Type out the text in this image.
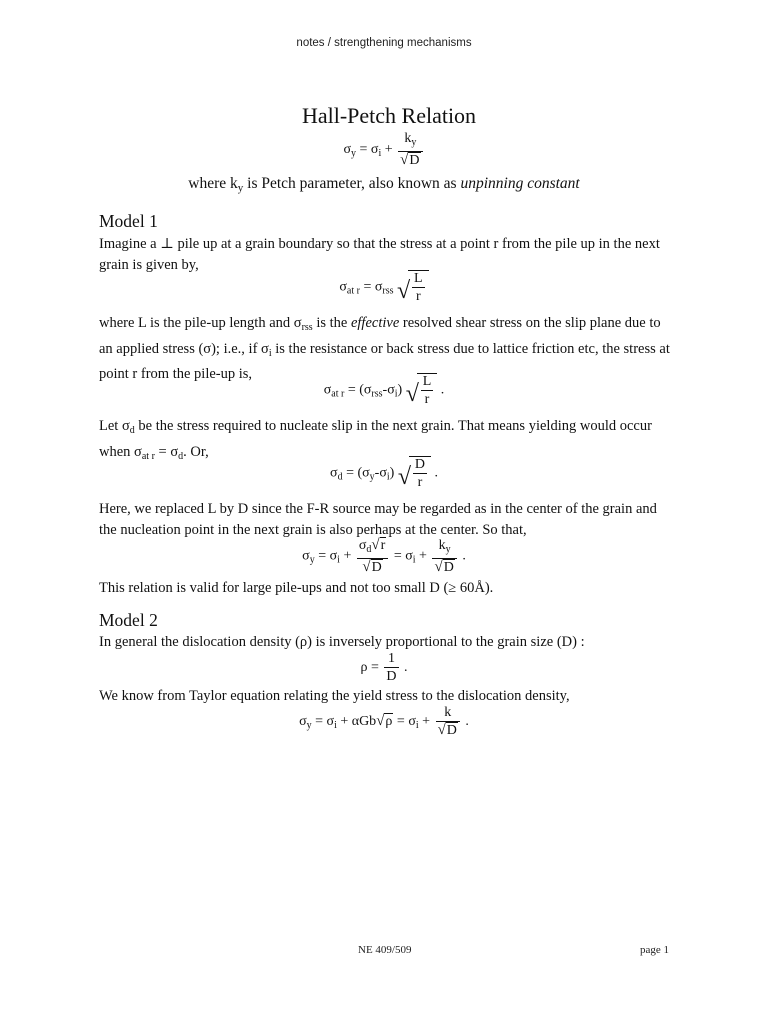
notes / strengthening mechanisms
Hall-Petch Relation
$\sigma_y = \sigma_i + \frac{k_y}{√D}$
where $k_y$ is Petch parameter, also known as unpinning constant
Model 1
Imagine a ⊥ pile up at a grain boundary so that the stress at a point r from the pile up in the next grain is given by,
$\sigma_{at r} = \sigma_{rss}$ √ $\frac{L}{r}$
where L is the pile-up length and $\sigma_{rss}$ is the effective resolved shear stress on the slip plane due to an applied stress (σ); i.e., if $\sigma_i$ is the resistance or back stress due to lattice friction etc, the stress at point r from the pile-up is,
$\sigma_{at r} = (\sigma_{rss}-\sigma_i)$ √ $\frac{L}{r}$ .
Let $\sigma_d$ be the stress required to nucleate slip in the next grain. That means yielding would occur when $\sigma_{at r} = \sigma_d$. Or,
$\sigma_d = (\sigma_y-\sigma_i)$ √ $\frac{D}{r}$ .
Here, we replaced L by D since the F-R source may be regarded as in the center of the grain and the nucleation point in the next grain is also perhaps at the center. So that,
$\sigma_y = \sigma_i + \frac{\sigma_d√r}{√D} = \sigma_i + \frac{k_y}{√D}$ .
This relation is valid for large pile-ups and not too small D (≥ 60Å).
Model 2
In general the dislocation density (ρ) is inversely proportional to the grain size (D) :
$\rho = \frac{1}{D}$ .
We know from Taylor equation relating the yield stress to the dislocation density,
$\sigma_y = \sigma_i + \alpha Gb√\rho = \sigma_i + \frac{k}{√D}$ .
NE 409/509	page 1
